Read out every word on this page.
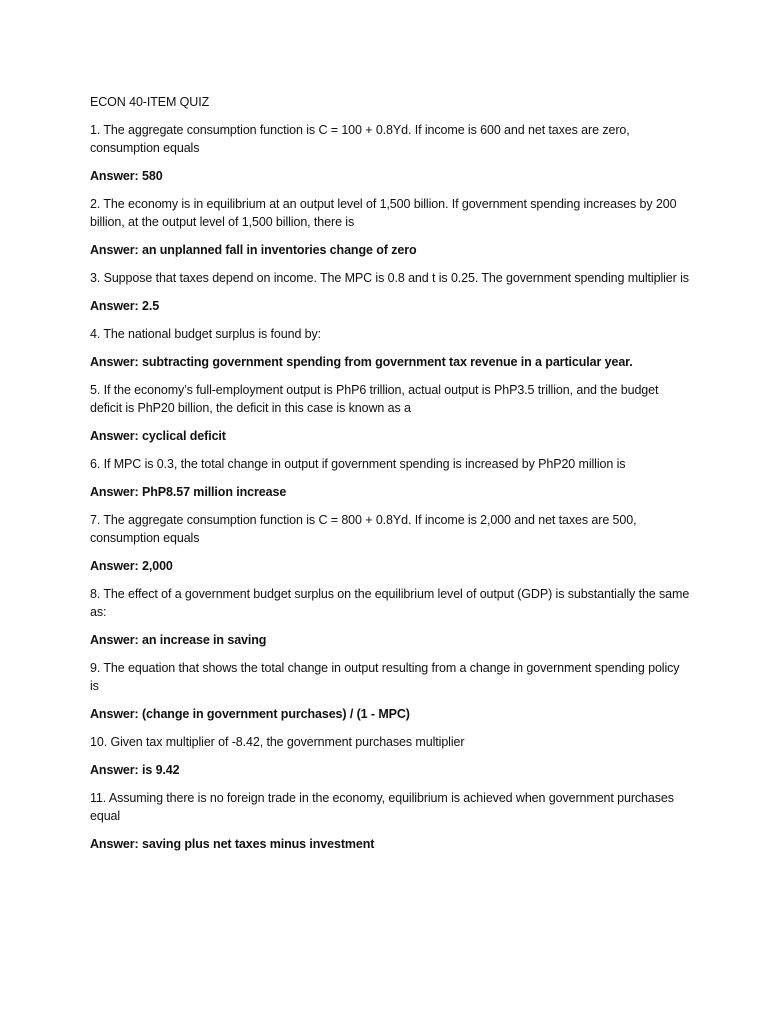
ECON 40-ITEM QUIZ

1. The aggregate consumption function is C = 100 + 0.8Yd. If income is 600 and net taxes are zero, consumption equals

Answer: 580

2. The economy is in equilibrium at an output level of 1,500 billion. If government spending increases by 200 billion, at the output level of 1,500 billion, there is

Answer: an unplanned fall in inventories change of zero

3. Suppose that taxes depend on income. The MPC is 0.8 and t is 0.25. The government spending multiplier is

Answer: 2.5

4. The national budget surplus is found by:

Answer: subtracting government spending from government tax revenue in a particular year.

5. If the economy’s full-employment output is PhP6 trillion, actual output is PhP3.5 trillion, and the budget deficit is PhP20 billion, the deficit in this case is known as a

Answer: cyclical deficit

6. If MPC is 0.3, the total change in output if government spending is increased by PhP20 million is

Answer: PhP8.57 million increase

7. The aggregate consumption function is C = 800 + 0.8Yd. If income is 2,000 and net taxes are 500, consumption equals

Answer: 2,000

8. The effect of a government budget surplus on the equilibrium level of output (GDP) is substantially the same as:

Answer: an increase in saving

9. The equation that shows the total change in output resulting from a change in government spending policy is

Answer: (change in government purchases) / (1 - MPC)

10. Given tax multiplier of -8.42, the government purchases multiplier

Answer: is 9.42

11. Assuming there is no foreign trade in the economy, equilibrium is achieved when government purchases equal

Answer: saving plus net taxes minus investment
